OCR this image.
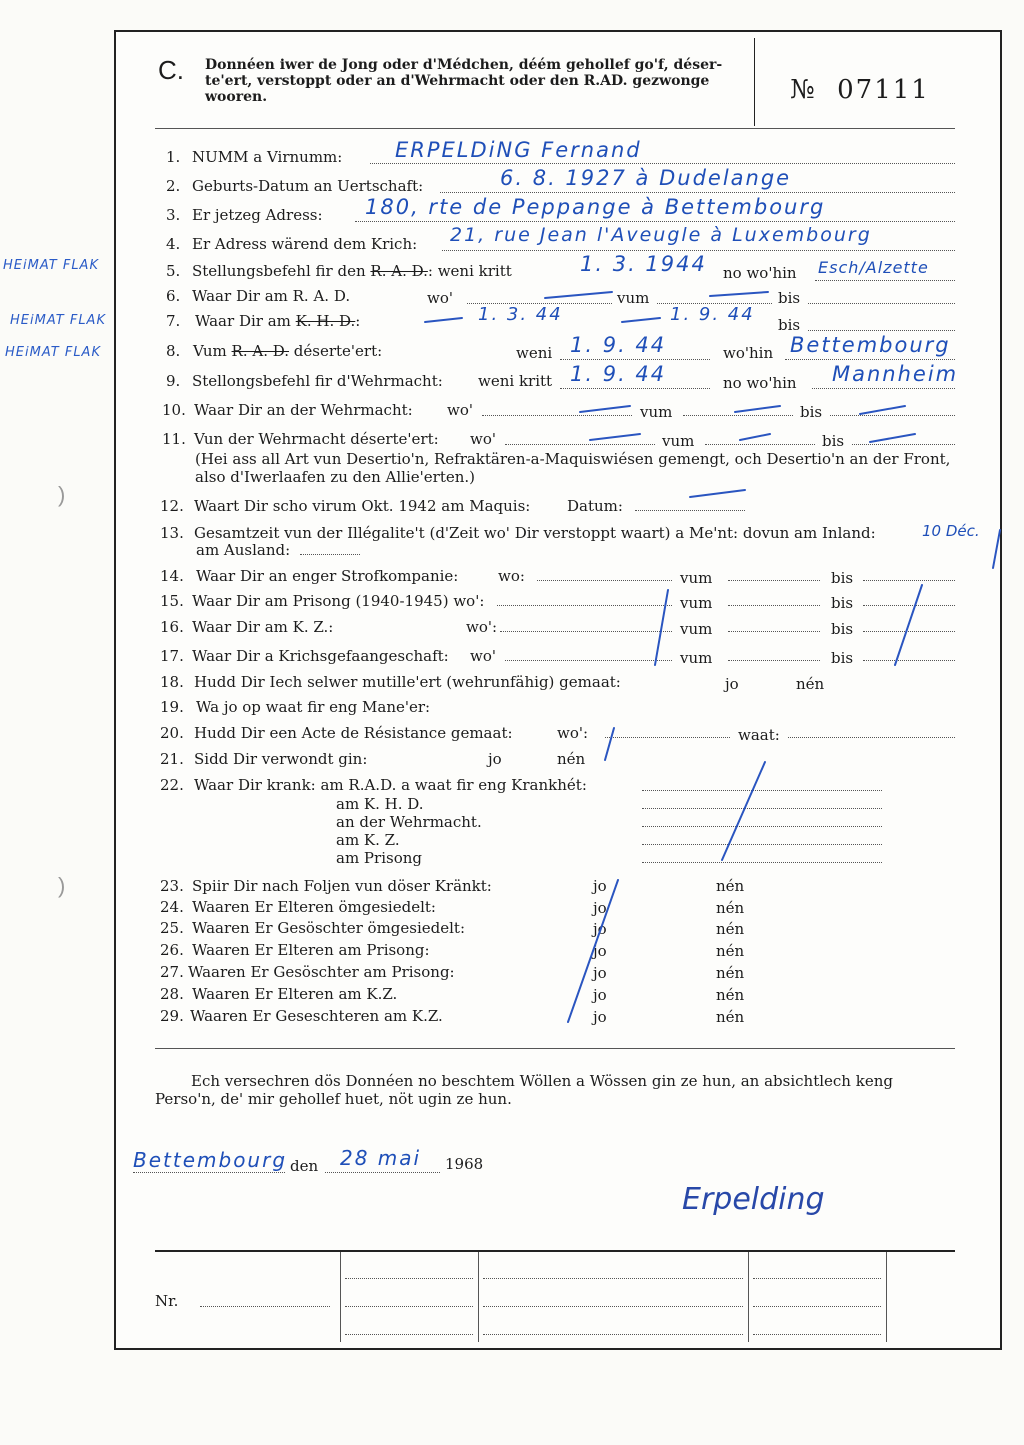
C. Donnéen iwer de Jong oder d'Médchen, déém gehollef go'f, déser-te'ert, verstoppt oder an d'Wehrmacht oder den R.AD. gezwonge wooren.	№ 07111
HEiMAT FLAK
HEiMAT FLAK
HEiMAT FLAK
)
)
1. NUMM a Virnumm:	ERPELDiNG Fernand
2. Geburts-Datum an Uertschaft:	6. 8. 1927 à Dudelange
3. Er jetzeg Adress: 180, rte de Peppange à Bettembourg
4. Er Adress wärend dem Krich: 21, rue Jean l'Aveugle à Luxembourg
5. Stellungsbefehl fir den R. A. D.: weni kritt	1. 3. 1944 no wo'hin Esch/Alzette
6. Waar Dir am R. A. D.	wo'	vum	bis
7. Waar Dir am K. H. D.:	1. 3. 44	1. 9. 44 bis
8. Vum R. A. D. déserte'ert:	weni 1. 9. 44	wo'hin Bettembourg
9. Stellongsbefehl fir d'Wehrmacht: weni kritt 1. 9. 44	no wo'hin Mannheim
10. Waar Dir an der Wehrmacht: wo'	vum	bis
11. Vun der Wehrmacht déserte'ert: wo'	vum	bis
(Hei ass all Art vun Desertio'n, Refraktären-a-Maquiswiésen gemengt, och Desertio'n an der Front, also d'Iwerlaafen zu den Allie'erten.)
12. Waart Dir scho virum Okt. 1942 am Maquis: Datum:
13. Gesamtzeit vun der Illégalite't (d'Zeit wo' Dir verstoppt waart) a Me'nt: dovun am Inland:	10 Déc.
am Ausland:
14. Waar Dir an enger Strofkompanie:	wo:	vum	bis
15. Waar Dir am Prisong (1940-1945) wo':	vum	bis
16. Waar Dir am K. Z.:	wo':	vum	bis
17. Waar Dir a Krichsgefaangeschaft: wo'	vum	bis
18. Hudd Dir Iech selwer mutille'ert (wehrunfähig) gemaat:	jo	nén
19. Wa jo op waat fir eng Mane'er:
20. Hudd Dir een Acte de Résistance gemaat:	wo':	waat:
21. Sidd Dir verwondt gin:	jo	nén
22. Waar Dir krank: am R.A.D. a waat fir eng Krankhét:
am K. H. D.
an der Wehrmacht.
am K. Z.
am Prisong
23. Spiir Dir nach Foljen vun döser Kränkt:	jo	nén
24. Waaren Er Elteren ömgesiedelt:	jo	nén
25. Waaren Er Gesöschter ömgesiedelt:	jo	nén
26. Waaren Er Elteren am Prisong:	jo	nén
27. Waaren Er Gesöschter am Prisong:	jo	nén
28. Waaren Er Elteren am K.Z.	jo	nén
29. Waaren Er Geseschteren am K.Z.	jo	nén
Ech versechren dös Donnéen no beschtem Wöllen a Wössen gin ze hun, an absichtlech keng Perso'n, de' mir gehollef huet, nöt ugin ze hun.
Bettembourg den 28 mai 1968
Erpelding
Nr.
